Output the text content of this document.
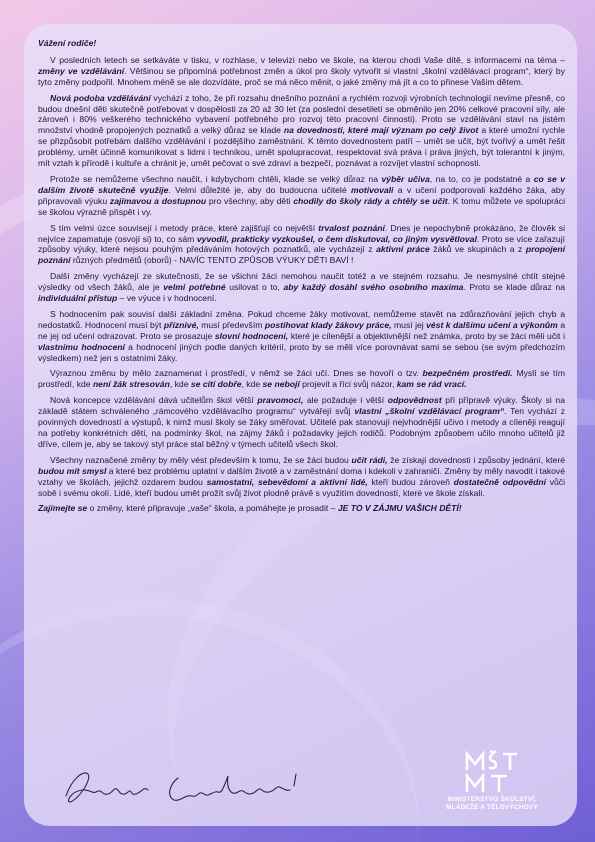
Vážení rodiče!

V posledních letech se setkáváte v tisku, v rozhlase, v televizi nebo ve škole, na kterou chodí Vaše dítě, s informacemi na téma – změny ve vzdělávání. Většinou se připomíná potřebnost změn a úkol pro školy vytvořit si vlastní „školní vzdělávací program“, který by tyto změny podpořil. Mnohem méně se ale dozvídáte, proč se má něco měnit, o jaké změny má jít a co to přinese Vašim dětem.

Nová podoba vzdělávání vychází z toho, že při rozsahu dnešního poznání a rychlém rozvoji výrobních technologií nevíme přesně, co budou dnešní děti skutečně potřebovat v dospělosti za 20 až 30 let (za poslední desetiletí se obměnilo jen 20% celkové pracovní síly, ale zároveň i 80% veškerého technického vybavení potřebného pro rozvoj této pracovní činnosti). Proto se vzdělávání staví na jistém množství vhodně propojených poznatků a velký důraz se klade na dovednosti, které mají význam po celý život a které umožní rychle se přizpůsobit potřebám dalšího vzdělávání i pozdějšího zaměstnání. K těmto dovednostem patří – umět se učit, být tvořivý a umět řešit problémy, umět účinně komunikovat s lidmi i technikou, umět spolupracovat, respektovat svá práva i práva jiných, být tolerantní k jiným, mít vztah k přírodě i kultuře a chránit je, umět pečovat o své zdraví a bezpečí, poznávat a rozvíjet vlastní schopnosti.

Protože se nemůžeme všechno naučit, i kdybychom chtěli, klade se velký důraz na výběr učiva, na to, co je podstatné a co se v dalším životě skutečně využije. Velmi důležité je, aby do budoucna učitelé motivovali a v učení podporovali každého žáka, aby připravovali výuku zajímavou a dostupnou pro všechny, aby děti chodily do školy rády a chtěly se učit. K tomu můžete ve spolupráci se školou výrazně přispět i vy.

S tím velmi úzce souvisejí i metody práce, které zajišťují co největší trvalost poznání. Dnes je nepochybně prokázáno, že člověk si nejvíce zapamatuje (osvojí si) to, co sám vyvodil, prakticky vyzkoušel, o čem diskutoval, co jiným vysvětloval. Proto se více zařazují způsoby výuky, které nejsou pouhým předáváním hotových poznatků, ale vycházejí z aktivní práce žáků ve skupinách a z propojení poznání různých předmětů (oborů) - NAVÍC TENTO ZPŮSOB VÝUKY DĚTI BAVÍ !

Další změny vycházejí ze skutečnosti, že se všichni žáci nemohou naučit totéž a ve stejném rozsahu. Je nesmyslné chtít stejné výsledky od všech žáků, ale je velmi potřebné usilovat o to, aby každý dosáhl svého osobního maxima. Proto se klade důraz na individuální přístup – ve výuce i v hodnocení.

S hodnocením pak souvisí další základní změna. Pokud chceme žáky motivovat, nemůžeme stavět na zdůrazňování jejich chyb a nedostatků. Hodnocení musí být příznivé, musí především postihovat klady žákovy práce, musí jej vést k dalšímu učení a výkonům a ne jej od učení odrazovat. Proto se prosazuje slovní hodnocení, které je cílenější a objektivnější než známka, proto by se žáci měli učit i vlastnímu hodnocení a hodnocení jiných podle daných kritérií, proto by se měli více porovnávat sami se sebou (se svým předchozím výsledkem) než jen s ostatními žáky.

Výraznou změnu by mělo zaznamenat i prostředí, v němž se žáci učí. Dnes se hovoří o tzv. bezpečném prostředí. Myslí se tím prostředí, kde není žák stresován, kde se cítí dobře, kde se nebojí projevit a říci svůj názor, kam se rád vrací.

Nová koncepce vzdělávání dává učitelům škol větší pravomoci, ale požaduje i větší odpovědnost při přípravě výuky. Školy si na základě státem schváleného „rámcového vzdělávacího programu“ vytvářejí svůj vlastní „školní vzdělávací program“. Ten vychází z povinných dovedností a výstupů, k nimž musí školy se žáky směřovat. Učitelé pak stanovují nejvhodnější učivo i metody a cíleněji reagují na potřeby konkrétních dětí, na podmínky škol, na zájmy žáků i požadavky jejich rodičů. Podobným způsobem učilo mnoho učitelů již dříve, cílem je, aby se takový styl práce stal běžný v týmech učitelů všech škol.

Všechny naznačené změny by měly vést především k tomu, že se žáci budou učit rádi, že získají dovednosti i způsoby jednání, které budou mít smysl a které bez problému uplatní v dalším životě a v zaměstnání doma i kdekoli v zahraničí. Změny by měly navodit i takové vztahy ve školách, jejichž ozdarem budou samostatní, sebevědomí a aktivní lidé, kteří budou zároveň dostatečně odpovědní vůči sobě i svému okolí. Lidé, kteří budou umět prožít svůj život plodně právě s využitím dovedností, které ve škole získali.

Zajímejte se o změny, které připravuje „vaše“ škola, a pomáhejte je prosadit – JE TO V ZÁJMU VAŠICH DĚTÍ!

MINISTERSTVO ŠKOLSTVÍ,
MLÁDEŽE A TĚLOVÝCHOVY
